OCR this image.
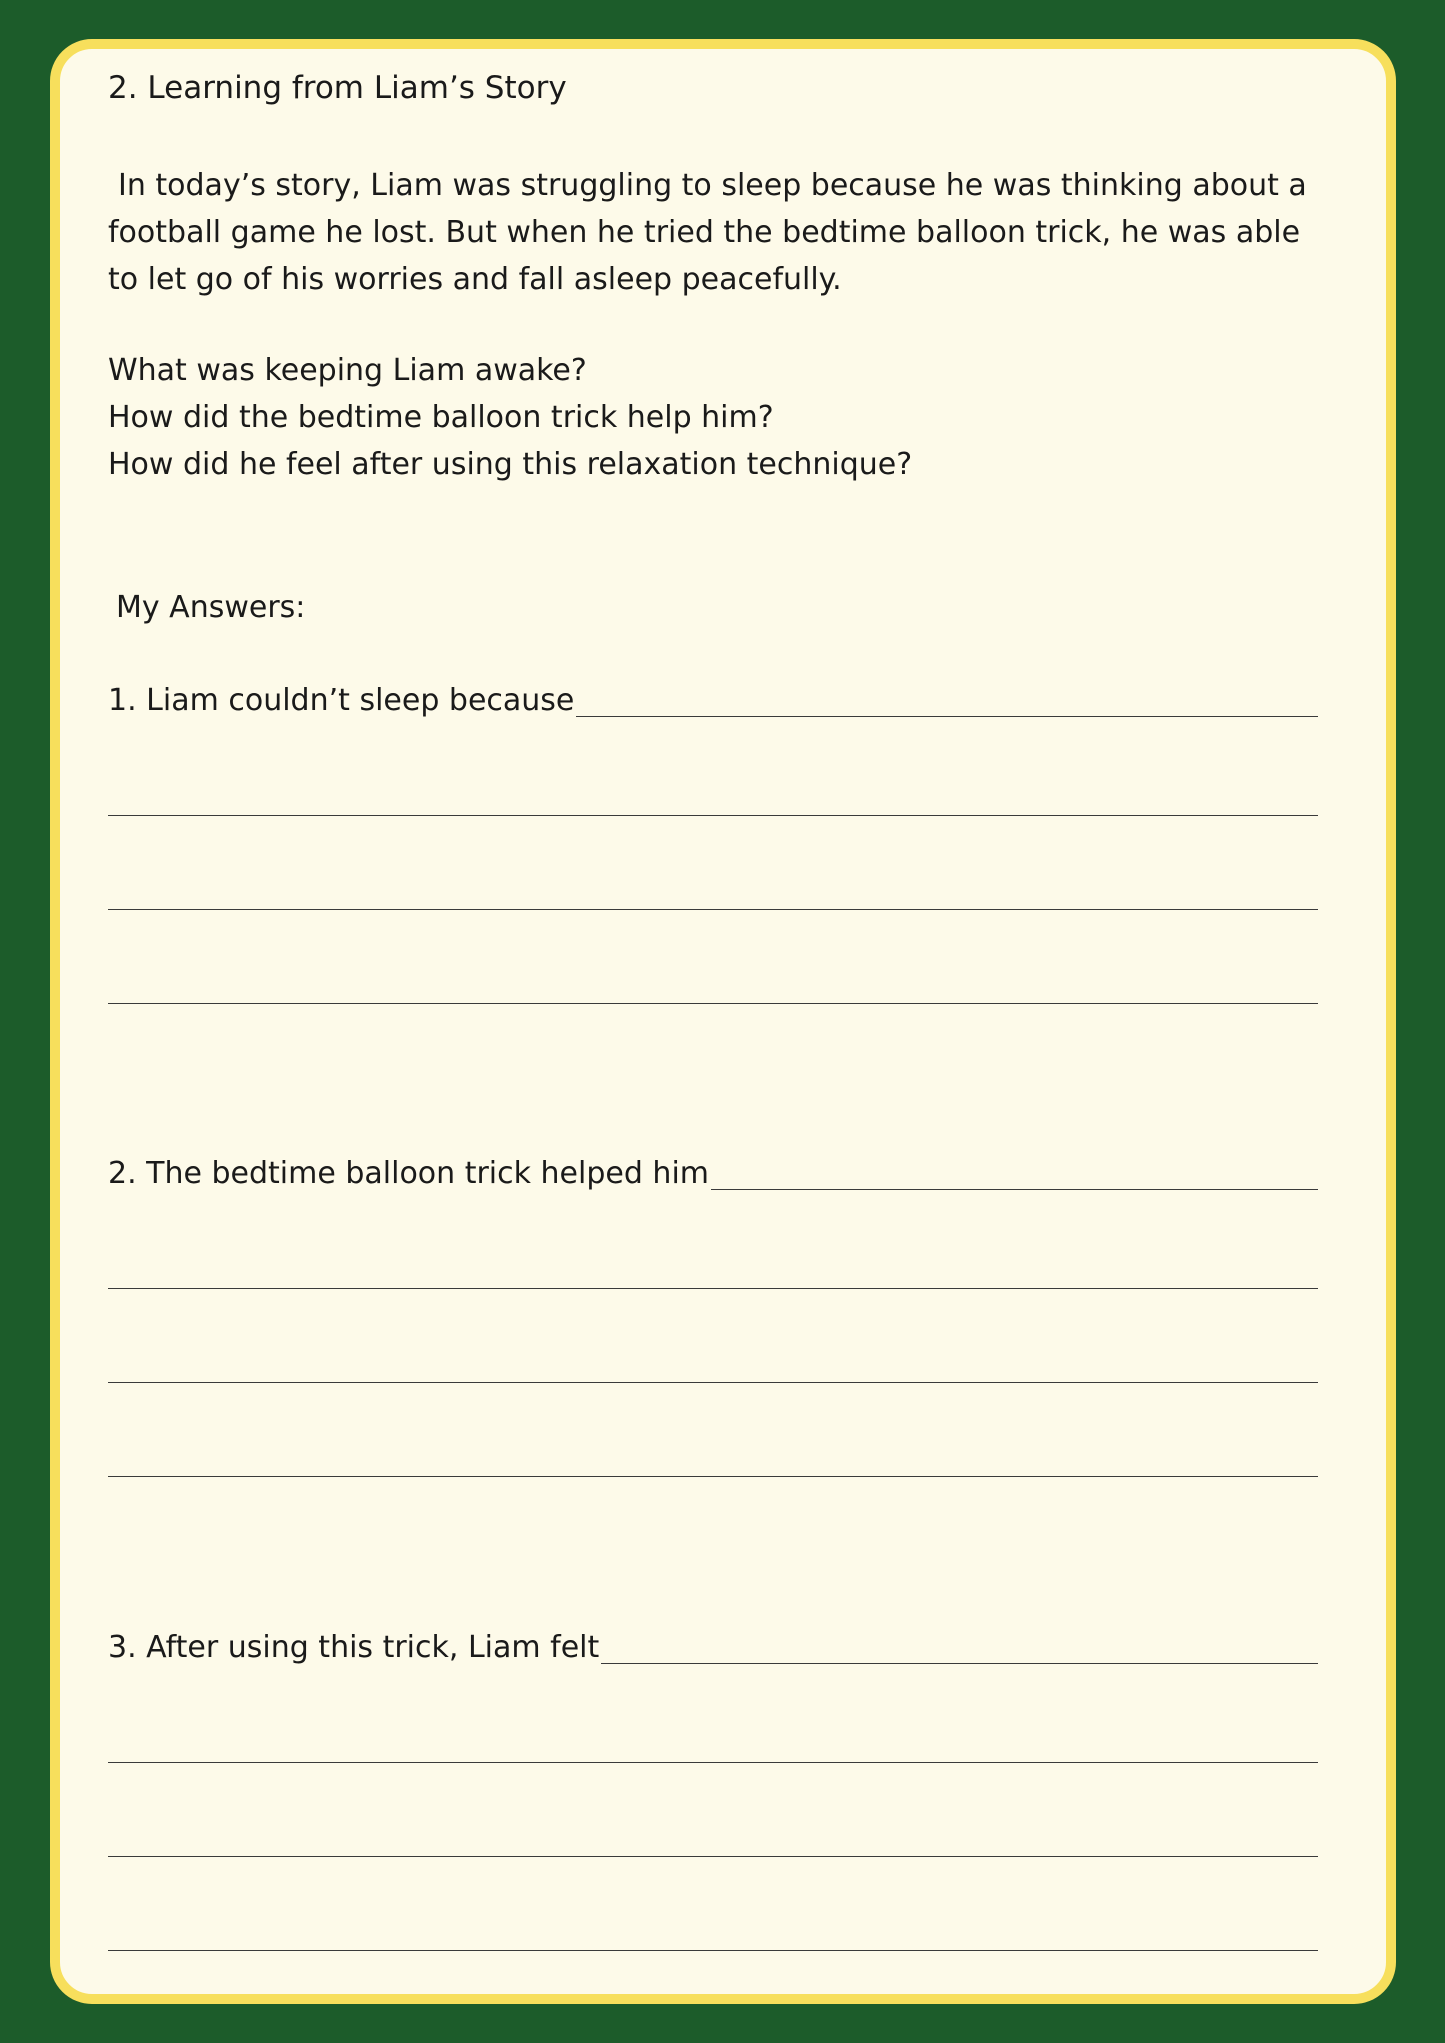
2. Learning from Liam’s Story
In today’s story, Liam was struggling to sleep because he was thinking about a football game he lost. But when he tried the bedtime balloon trick, he was able to let go of his worries and fall asleep peacefully.
What was keeping Liam awake?
How did the bedtime balloon trick help him?
How did he feel after using this relaxation technique?
My Answers:
1. Liam couldn’t sleep because
2. The bedtime balloon trick helped him
3. After using this trick, Liam felt
